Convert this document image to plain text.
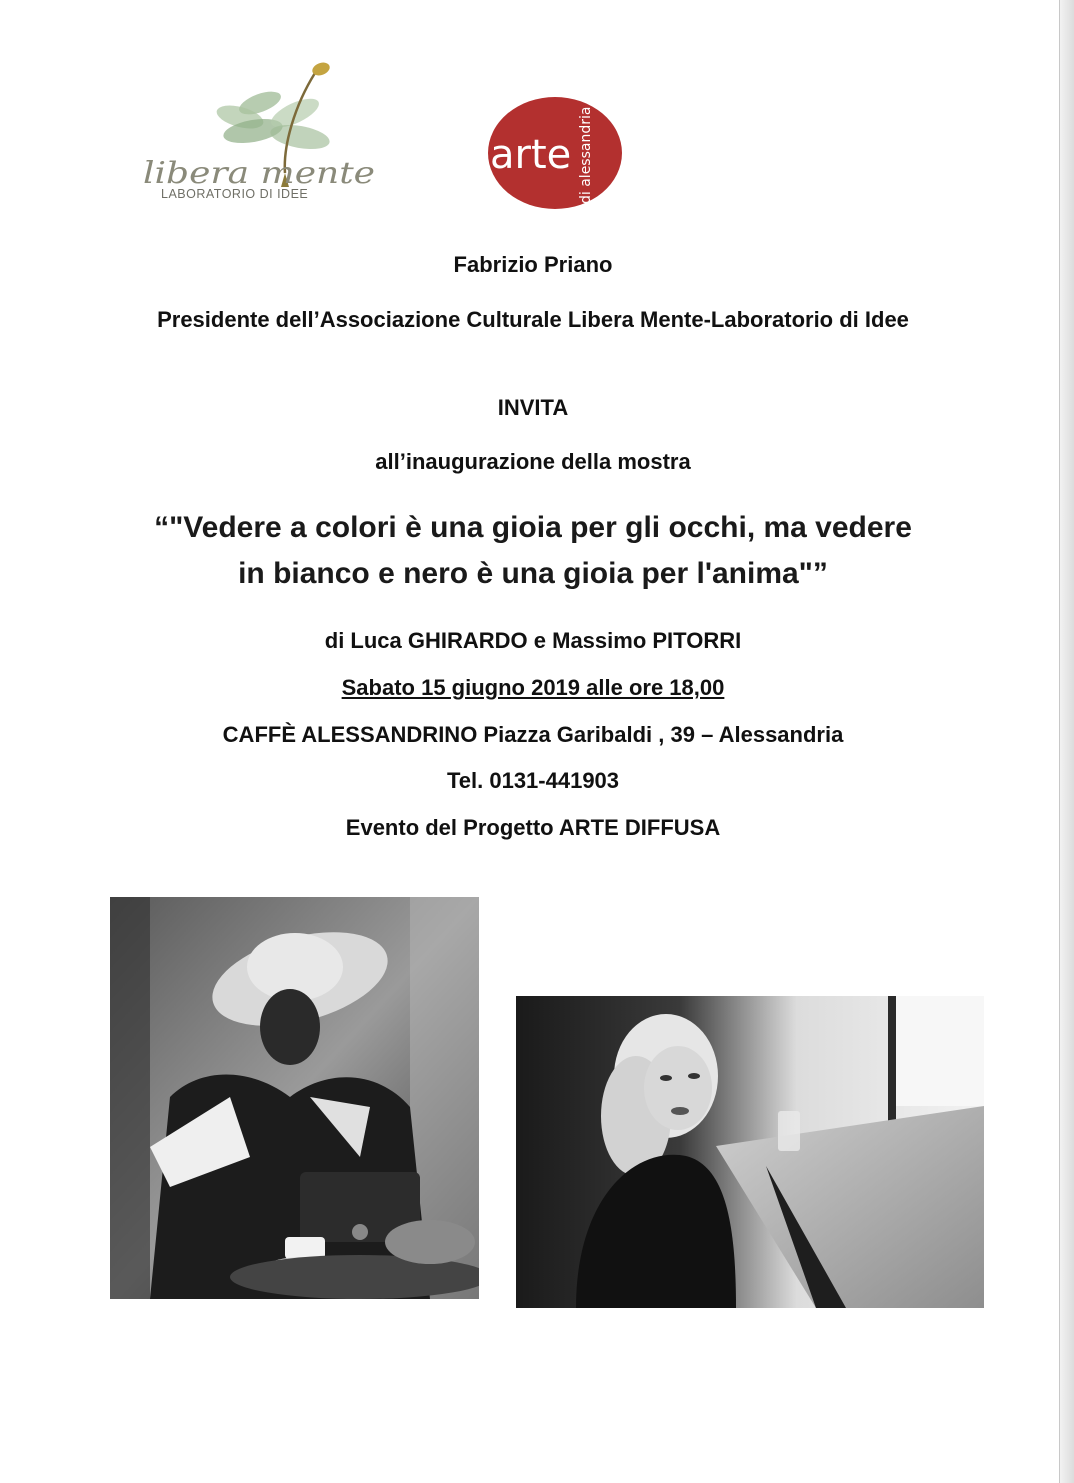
libera mente
LABORATORIO DI IDEE
arte di alessandria
Fabrizio Priano
Presidente dell’Associazione Culturale Libera Mente-Laboratorio di Idee
INVITA
all’inaugurazione della mostra
“"Vedere a colori è una gioia per gli occhi, ma vedere
in bianco e nero è una gioia per l'anima"”
di Luca GHIRARDO e Massimo PITORRI
Sabato 15 giugno 2019 alle ore 18,00
CAFFÈ ALESSANDRINO Piazza Garibaldi , 39 – Alessandria
Tel. 0131-441903
Evento del Progetto ARTE DIFFUSA
